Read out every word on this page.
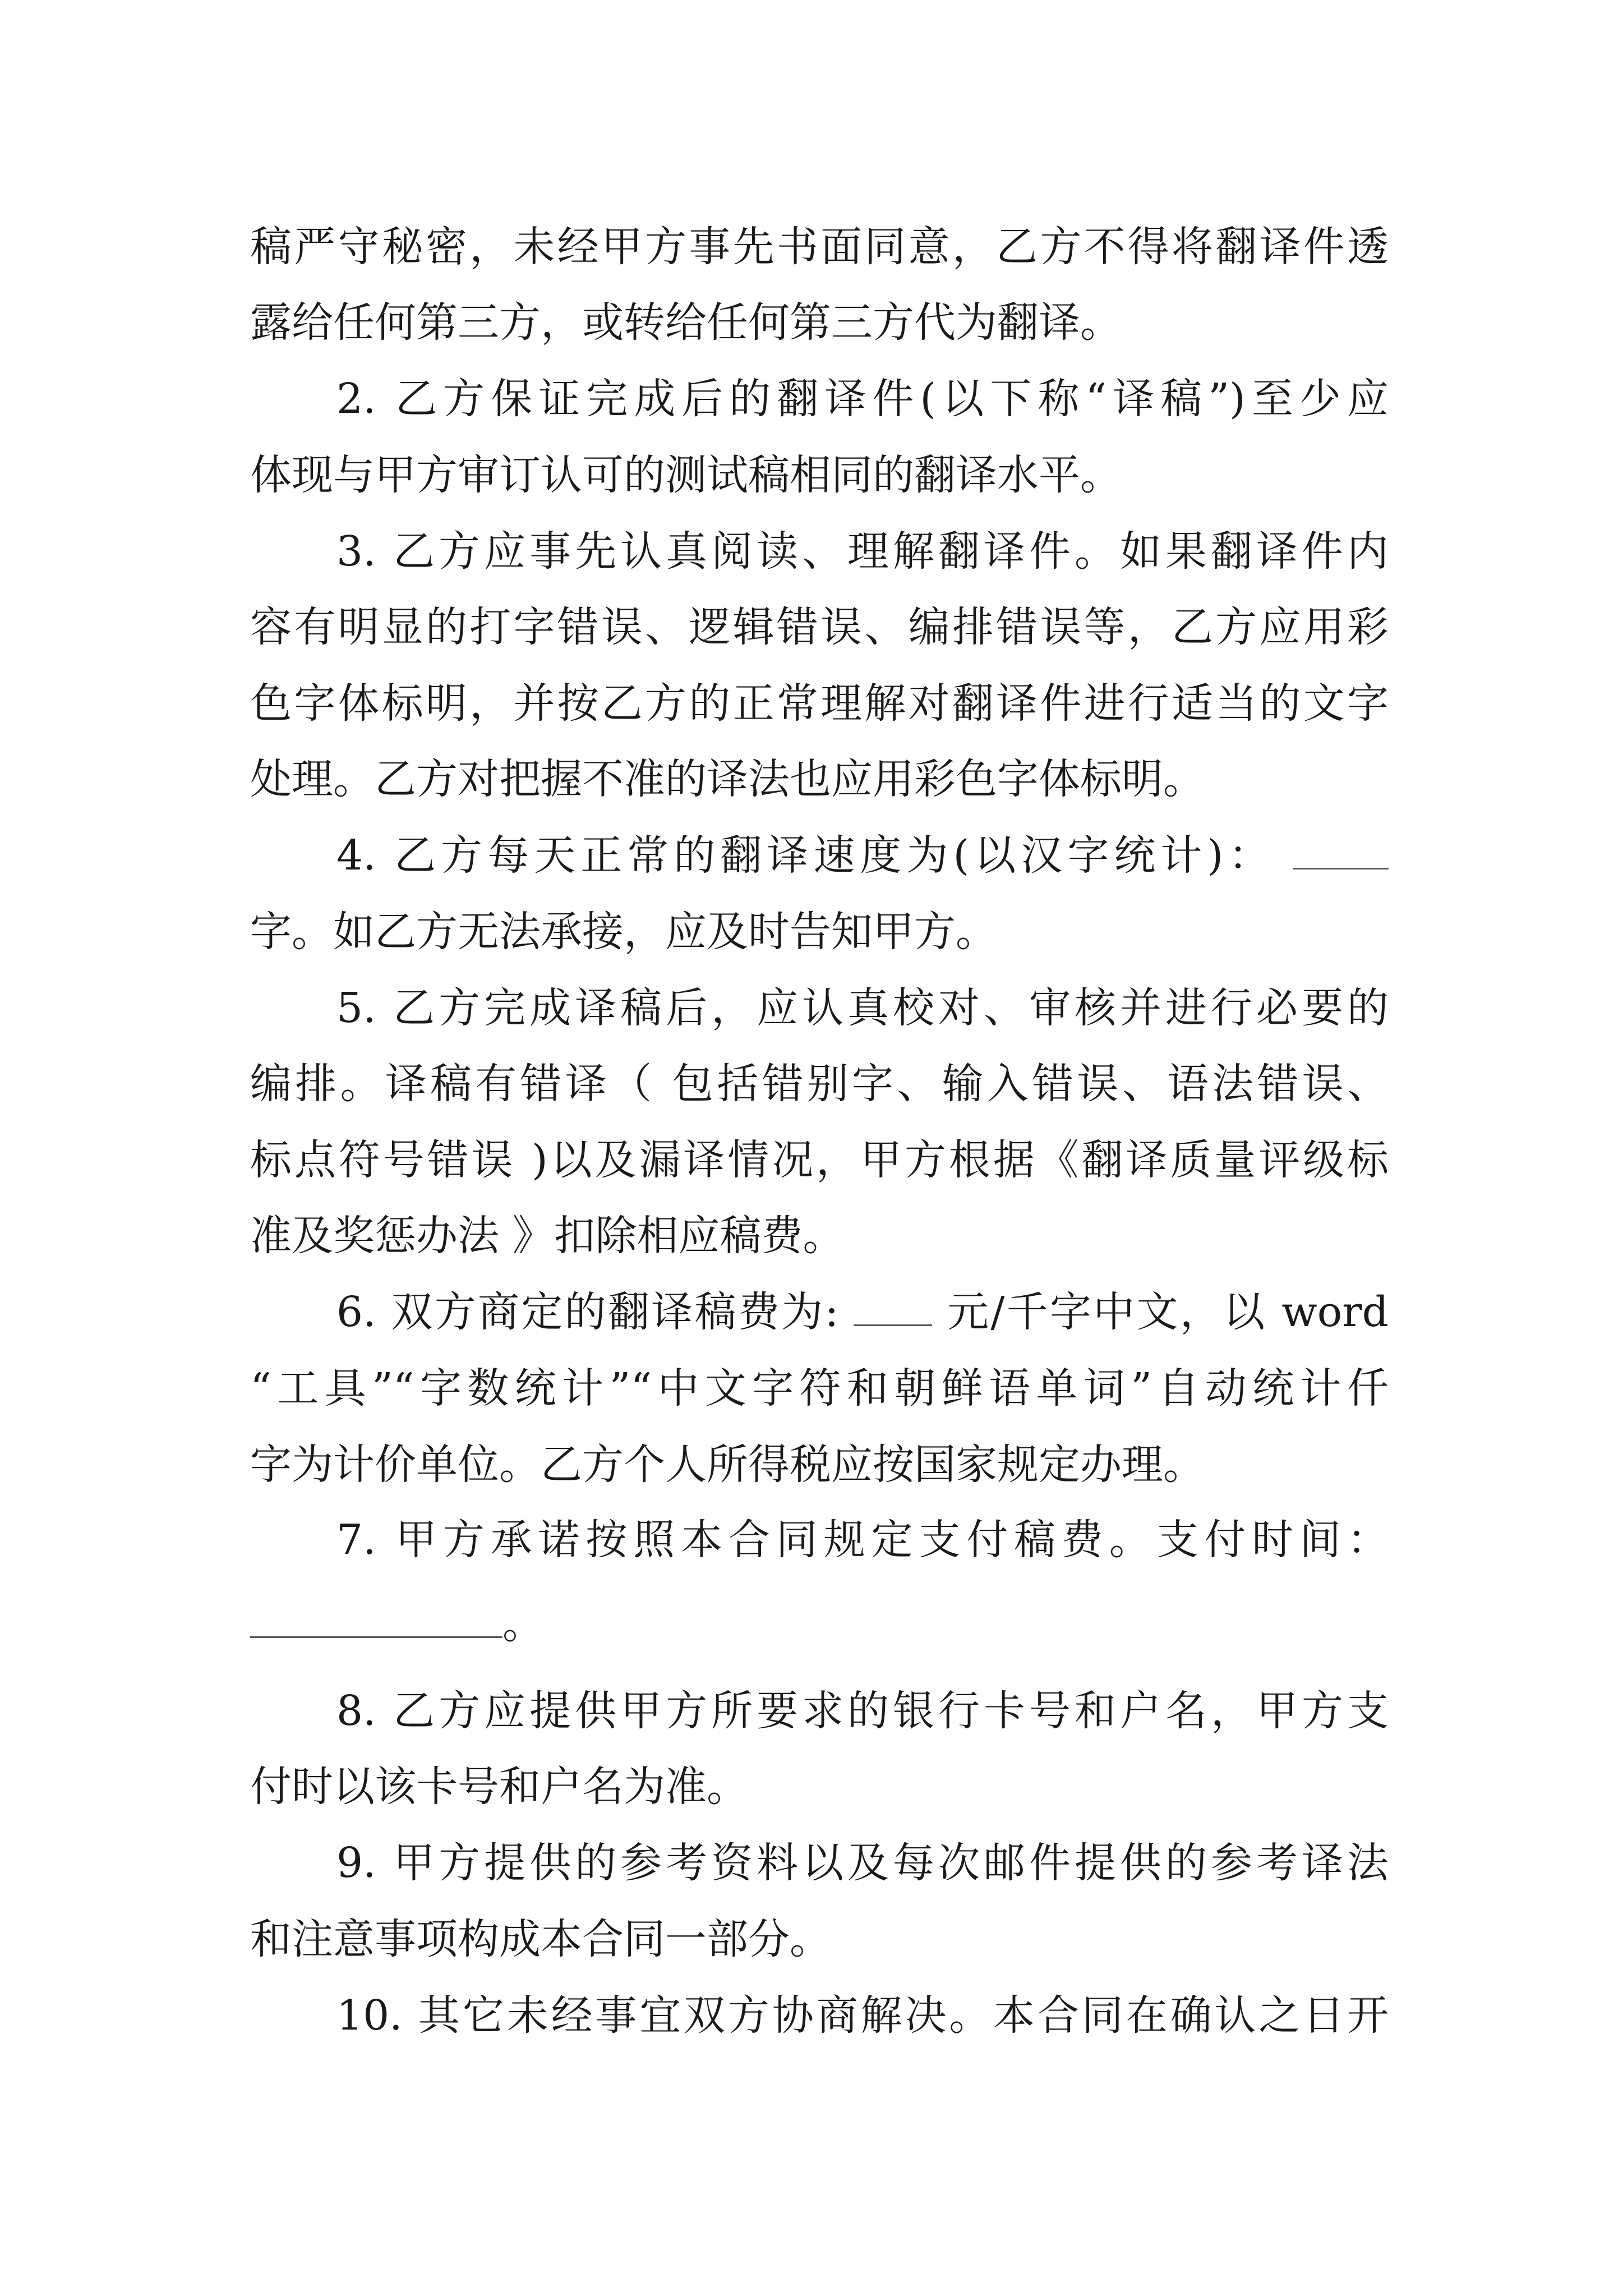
稿严守秘密，未经甲方事先书面同意，乙方不得将翻译件透
露给任何第三方，或转给任何第三方代为翻译。
2. 乙方保证完成后的翻译件(以下称“译稿”)至少应
体现与甲方审订认可的测试稿相同的翻译水平。
3. 乙方应事先认真阅读、理解翻译件。如果翻译件内
容有明显的打字错误、逻辑错误、编排错误等，乙方应用彩
色字体标明，并按乙方的正常理解对翻译件进行适当的文字
处理。乙方对把握不准的译法也应用彩色字体标明。
4. 乙方每天正常的翻译速度为(以汉字统计)：
字。如乙方无法承接，应及时告知甲方。
5. 乙方完成译稿后，应认真校对、审核并进行必要的
编排。译稿有错译（ 包括错别字、输入错误、语法错误、
标点符号错误 )以及漏译情况，甲方根据《翻译质量评级标
准及奖惩办法 》扣除相应稿费。
6. 双方商定的翻译稿费为:	元/千字中文，以 word
“工具”“字数统计”“中文字符和朝鲜语单词”自动统计仟
字为计价单位。乙方个人所得税应按国家规定办理。
7. 甲方承诺按照本合同规定支付稿费。支付时间：
。
8. 乙方应提供甲方所要求的银行卡号和户名，甲方支
付时以该卡号和户名为准。
9. 甲方提供的参考资料以及每次邮件提供的参考译法
和注意事项构成本合同一部分。
10. 其它未经事宜双方协商解决。本合同在确认之日开
